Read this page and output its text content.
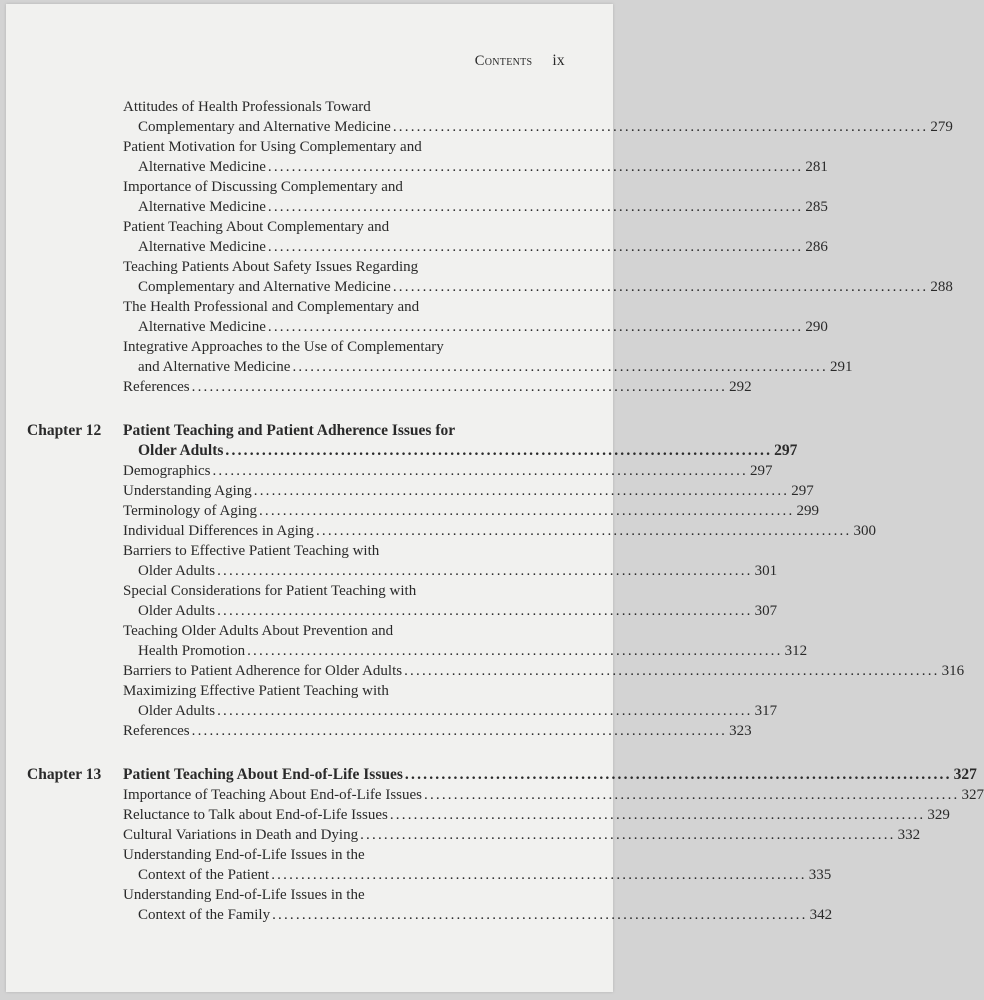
Contents ix
Attitudes of Health Professionals Toward
Complementary and Alternative Medicine ‎.......................................................................................... 279
Patient Motivation for Using Complementary and
Alternative Medicine ‎.......................................................................................... 281
Importance of Discussing Complementary and
Alternative Medicine ‎.......................................................................................... 285
Patient Teaching About Complementary and
Alternative Medicine ‎.......................................................................................... 286
Teaching Patients About Safety Issues Regarding
Complementary and Alternative Medicine ‎.......................................................................................... 288
The Health Professional and Complementary and
Alternative Medicine ‎.......................................................................................... 290
Integrative Approaches to the Use of Complementary
and Alternative Medicine ‎.......................................................................................... 291
References ‎.......................................................................................... 292
Chapter 12 Patient Teaching and Patient Adherence Issues for
Older Adults ‎.......................................................................................... 297
Demographics ‎.......................................................................................... 297
Understanding Aging ‎.......................................................................................... 297
Terminology of Aging ‎.......................................................................................... 299
Individual Differences in Aging ‎.......................................................................................... 300
Barriers to Effective Patient Teaching with
Older Adults ‎.......................................................................................... 301
Special Considerations for Patient Teaching with
Older Adults ‎.......................................................................................... 307
Teaching Older Adults About Prevention and
Health Promotion ‎.......................................................................................... 312
Barriers to Patient Adherence for Older Adults ‎.......................................................................................... 316
Maximizing Effective Patient Teaching with
Older Adults ‎.......................................................................................... 317
References ‎.......................................................................................... 323
Chapter 13 Patient Teaching About End-of-Life Issues ‎.......................................................................................... 327
Importance of Teaching About End-of-Life Issues ‎.......................................................................................... 327
Reluctance to Talk about End-of-Life Issues ‎.......................................................................................... 329
Cultural Variations in Death and Dying ‎.......................................................................................... 332
Understanding End-of-Life Issues in the
Context of the Patient ‎.......................................................................................... 335
Understanding End-of-Life Issues in the
Context of the Family ‎.......................................................................................... 342
